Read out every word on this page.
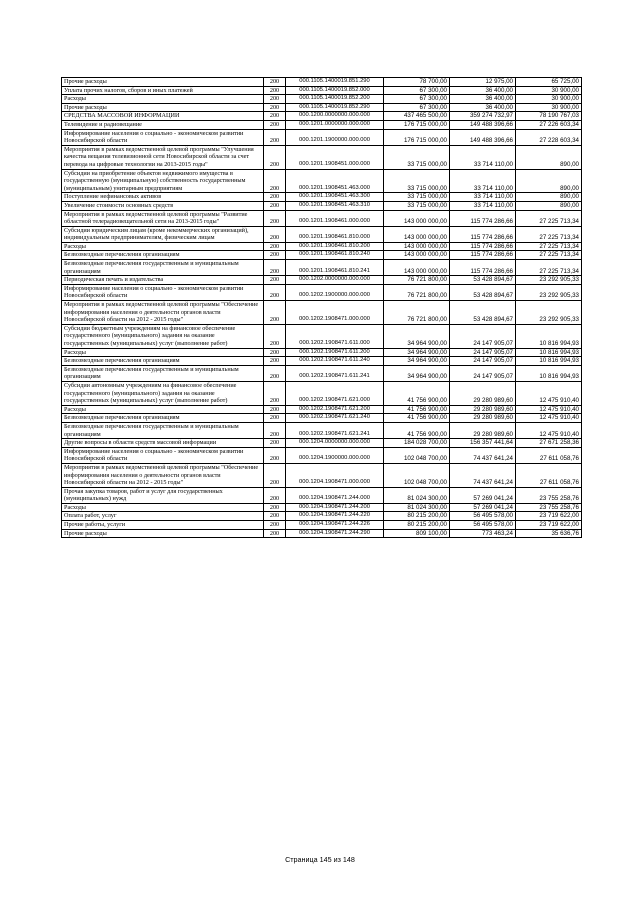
Прочие расходы	200	000.1105.1400019.851.290	78 700,00	12 975,00	65 725,00
Уплата прочих налогов, сборов и иных платежей	200	000.1105.1400019.852.000	67 300,00	36 400,00	30 900,00
Расходы	200	000.1105.1400019.852.200	67 300,00	36 400,00	30 900,00
Прочие расходы	200	000.1105.1400019.852.290	67 300,00	36 400,00	30 900,00
СРЕДСТВА МАССОВОЙ ИНФОРМАЦИИ	200	000.1200.0000000.000.000	437 465 500,00	359 274 732,97	78 190 767,03
Телевидение и радиовещание	200	000.1201.0000000.000.000	176 715 000,00	149 488 396,66	27 226 603,34
Информирование населения о социально - экономическом развитии Новосибирской области	200	000.1201.1900000.000.000	176 715 000,00	149 488 396,66	27 228 603,34
Мероприятия в рамках ведомственной целевой программы "Улучшения качества вещания телевизионной сети Новосибирской области за счет перевода на цифровые технологии на 2013-2015 годы"	200	000.1201.1908451.000.000	33 715 000,00	33 714 110,00	890,00
Субсидии на приобретение объектов недвижимого имущества в государственную (муниципальную) собственность государственным (муниципальным) унитарным предприятиям	200	000.1201.1908451.463.000	33 715 000,00	33 714 110,00	890,00
Поступление нефинансовых активов	200	000.1201.1908451.463.300	33 715 000,00	33 714 110,00	890,00
Увеличение стоимости основных средств	200	000.1201.1908451.463.310	33 715 000,00	33 714 110,00	890,00
Мероприятия в рамках ведомственной целевой программы "Развитие областной телерадиовещательной сети на 2013-2015 годы"	200	000.1201.1908461.000.000	143 000 000,00	115 774 286,66	27 225 713,34
Субсидии юридическим лицам (кроме некоммерческих организаций), индивидуальным предпринимателям, физическим лицам	200	000.1201.1908461.810.000	143 000 000,00	115 774 286,66	27 225 713,34
Расходы	200	000.1201.1908461.810.200	143 000 000,00	115 774 286,66	27 225 713,34
Безвозмездные перечисления организациям	200	000.1201.1908461.810.240	143 000 000,00	115 774 286,66	27 225 713,34
Безвозмездные перечисления государственным и муниципальным организациям	200	000.1201.1908461.810.241	143 000 000,00	115 774 286,66	27 225 713,34
Периодическая печать и издательства	200	000.1202.0000000.000.000	76 721 800,00	53 428 894,67	23 292 905,33
Информирование населения о социально - экономическом развитии Новосибирской области	200	000.1202.1900000.000.000	76 721 800,00	53 428 894,67	23 292 905,33
Мероприятия в рамках ведомственной целевой программы "Обеспечение информирования населения о деятельности органов власти Новосибирской области на 2012 - 2015 годы"	200	000.1202.1908471.000.000	76 721 800,00	53 428 894,67	23 292 905,33
Субсидии бюджетным учреждениям на финансовое обеспечение государственного (муниципального) задания на оказание государственных (муниципальных) услуг (выполнение работ)	200	000.1202.1908471.611.000	34 964 900,00	24 147 905,07	10 816 994,93
Расходы	200	000.1202.1908471.611.200	34 964 900,00	24 147 905,07	10 816 994,93
Безвозмездные перечисления организациям	200	000.1202.1908471.611.240	34 964 900,00	24 147 905,07	10 816 994,93
Безвозмездные перечисления государственным и муниципальным организациям	200	000.1202.1908471.611.241	34 964 900,00	24 147 905,07	10 816 994,93
Субсидии автономным учреждениям на финансовое обеспечение государственного (муниципального) задания на оказание государственных (муниципальных) услуг (выполнение работ)	200	000.1202.1908471.621.000	41 756 900,00	29 280 989,60	12 475 910,40
Расходы	200	000.1202.1908471.621.200	41 756 900,00	29 280 989,60	12 475 910,40
Безвозмездные перечисления организациям	200	000.1202.1908471.621.240	41 756 900,00	29 280 989,60	12 475 910,40
Безвозмездные перечисления государственным и муниципальным организациям	200	000.1202.1908471.621.241	41 756 900,00	29 280 989,60	12 475 910,40
Другие вопросы в области средств массовой информации	200	000.1204.0000000.000.000	184 028 700,00	156 357 441,64	27 671 258,36
Информирование населения о социально - экономическом развитии Новосибирской области	200	000.1204.1900000.000.000	102 048 700,00	74 437 641,24	27 611 058,76
Мероприятия в рамках ведомственной целевой программы "Обеспечение информирования населения о деятельности органов власти Новосибирской области на 2012 - 2015 годы"	200	000.1204.1908471.000.000	102 048 700,00	74 437 641,24	27 611 058,76
Прочая закупка товаров, работ и услуг для государственных (муниципальных) нужд	200	000.1204.1908471.244.000	81 024 300,00	57 269 041,24	23 755 258,76
Расходы	200	000.1204.1908471.244.200	81 024 300,00	57 269 041,24	23 755 258,76
Оплата работ, услуг	200	000.1204.1908471.244.220	80 215 200,00	56 495 578,00	23 719 622,00
Прочие работы, услуги	200	000.1204.1908471.244.226	80 215 200,00	56 495 578,00	23 719 622,00
Прочие расходы	200	000.1204.1908471.244.290	809 100,00	773 463,24	35 636,76
Страница 145 из 148
